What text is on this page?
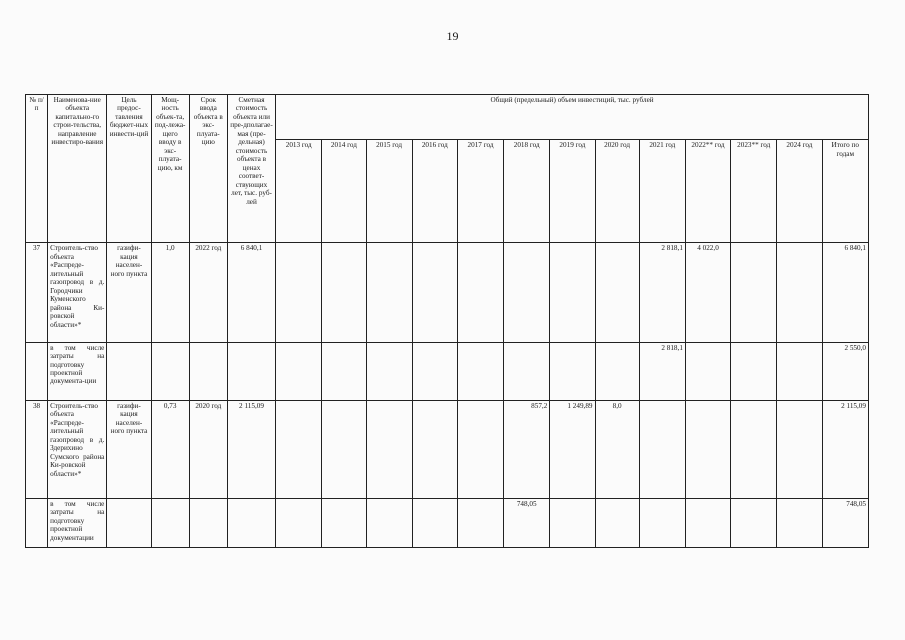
19
№ п/п	Наименова-ние объекта капитально-го строи-тельства, направление инвестиро-вания	Цель предос-тавления бюджет-ных инвести-ций	Мощ-ность объек-та, под-лежа-щего вводу в экс-плуата-цию, км	Срок ввода объекта в экс-плуата-цию	Сметная стоимость объекта или пре-дполагае-мая (пре-дельная) стоимость объекта в ценах соответ-ствующих лет, тыс. руб-лей	Общий (предельный) объем инвестиций, тыс. рублей												
						2013 год	2014 год	2015 год	2016 год	2017 год	2018 год	2019 год	2020 год	2021 год	2022** год	2023** год	2024 год	Итого по годам
37	Строитель-ство объекта «Распреде-лительный газопровод в д. Городчики Куменского района Ки-ровской области»*	газифи-кация населен-ного пункта	1,0	2022 год	6 840,1									2 818,1	4 022,0			6 840,1
	в том числе затраты на подготовку проектной документа-ции													2 818,1				2 550,0
38	Строитель-ство объекта «Распреде-лительный газопровод в д. Здерихино Сумского района Ки-ровской области»*	газифи-кация населен-ного пункта	0,73	2020 год	2 115,09						857,2	1 249,89	8,0					2 115,09
	в том числе затраты на подготовку проектной документации										748,05							748,05
